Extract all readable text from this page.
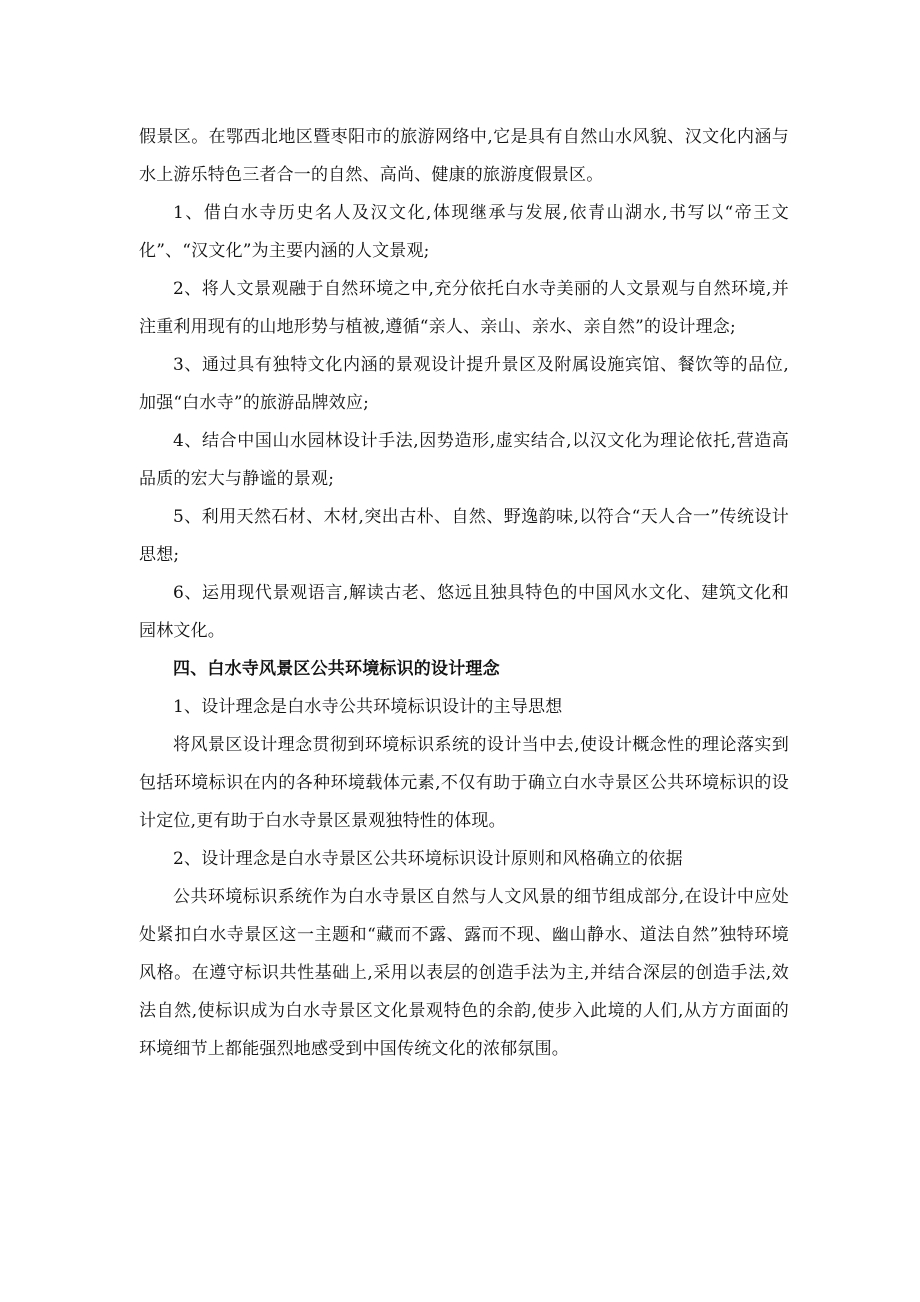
假景区。在鄂西北地区暨枣阳市的旅游网络中,它是具有自然山水风貌、汉文化内涵与水上游乐特色三者合一的自然、高尚、健康的旅游度假景区。

1、借白水寺历史名人及汉文化,体现继承与发展,依青山湖水,书写以“帝王文化”、“汉文化”为主要内涵的人文景观;

2、将人文景观融于自然环境之中,充分依托白水寺美丽的人文景观与自然环境,并注重利用现有的山地形势与植被,遵循“亲人、亲山、亲水、亲自然”的设计理念;

3、通过具有独特文化内涵的景观设计提升景区及附属设施宾馆、餐饮等的品位,加强“白水寺”的旅游品牌效应;

4、结合中国山水园林设计手法,因势造形,虚实结合,以汉文化为理论依托,营造高品质的宏大与静谧的景观;

5、利用天然石材、木材,突出古朴、自然、野逸韵味,以符合“天人合一”传统设计思想;

6、运用现代景观语言,解读古老、悠远且独具特色的中国风水文化、建筑文化和园林文化。

四、白水寺风景区公共环境标识的设计理念

1、设计理念是白水寺公共环境标识设计的主导思想

将风景区设计理念贯彻到环境标识系统的设计当中去,使设计概念性的理论落实到包括环境标识在内的各种环境载体元素,不仅有助于确立白水寺景区公共环境标识的设计定位,更有助于白水寺景区景观独特性的体现。

2、设计理念是白水寺景区公共环境标识设计原则和风格确立的依据

公共环境标识系统作为白水寺景区自然与人文风景的细节组成部分,在设计中应处处紧扣白水寺景区这一主题和“藏而不露、露而不现、幽山静水、道法自然”独特环境风格。在遵守标识共性基础上,采用以表层的创造手法为主,并结合深层的创造手法,效法自然,使标识成为白水寺景区文化景观特色的余韵,使步入此境的人们,从方方面面的环境细节上都能强烈地感受到中国传统文化的浓郁氛围。
